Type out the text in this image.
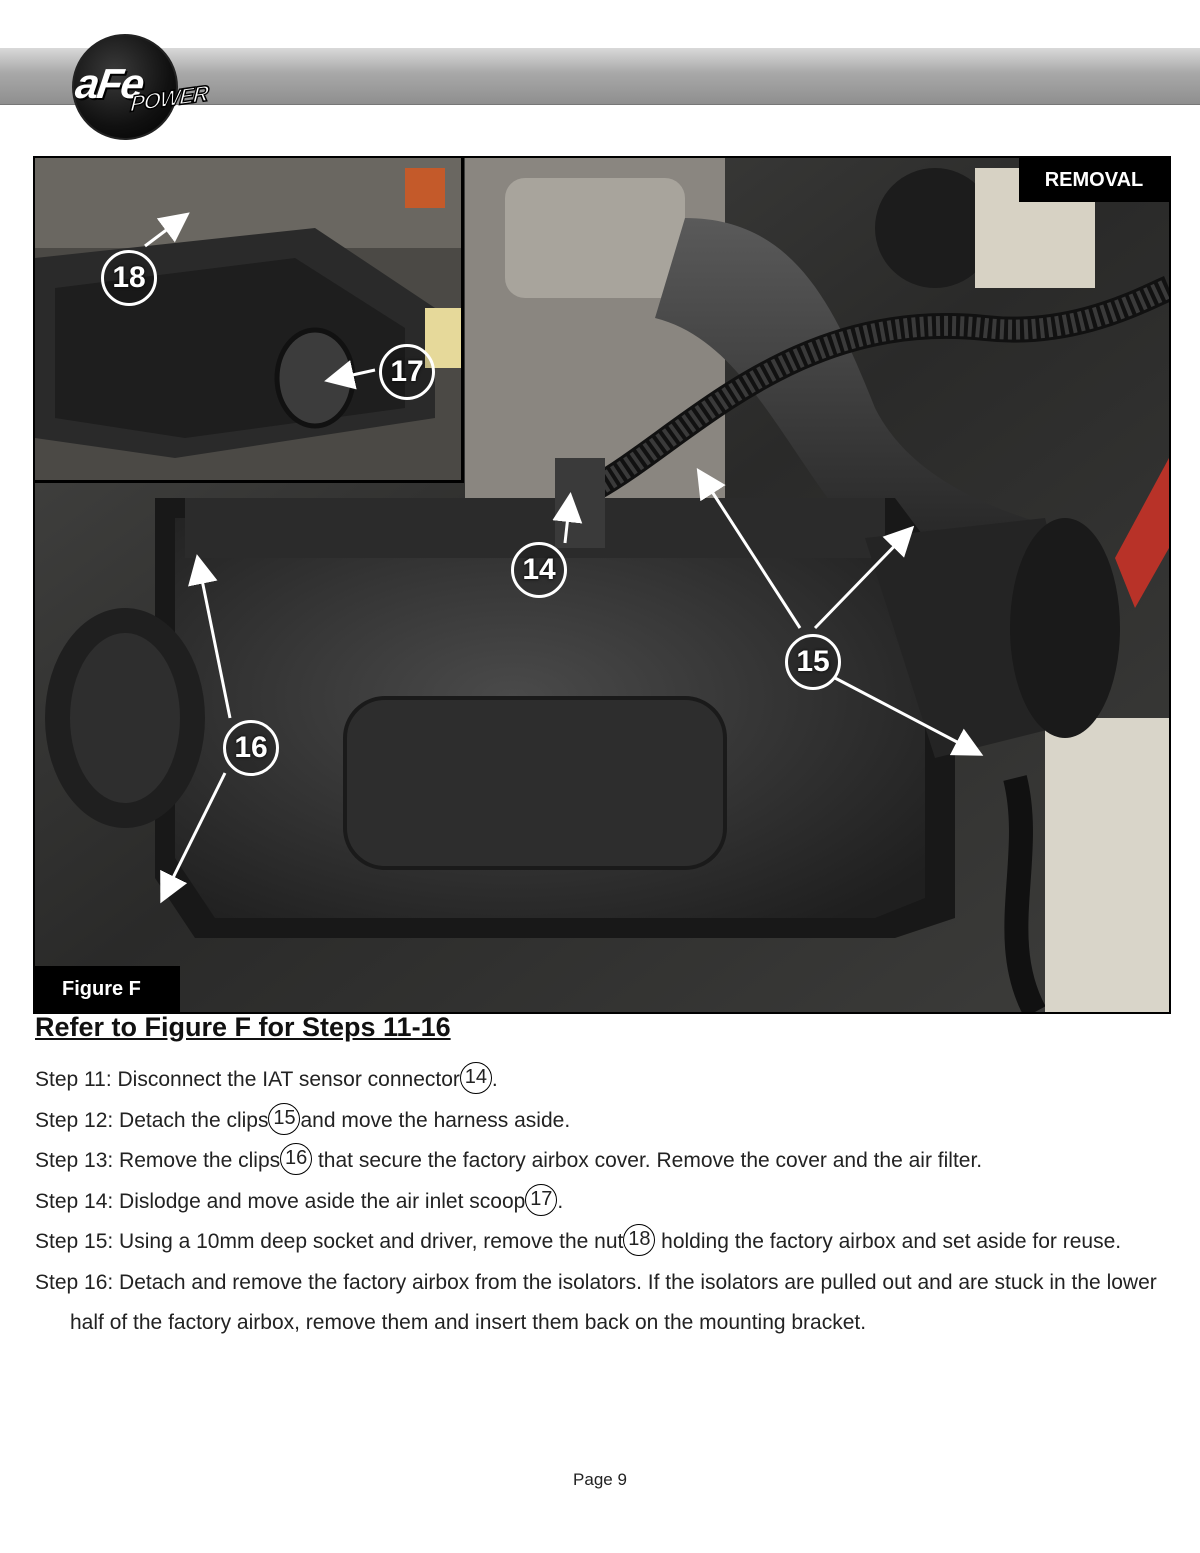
aFe
POWER
18
17
14
15
16
REMOVAL
Figure F
Refer to Figure F for Steps 11-16
Step 11: Disconnect the IAT sensor connector 14 .
Step 12: Detach the clips 15 and move the harness aside.
Step 13: Remove the clips 16 that secure the factory airbox cover. Remove the cover and the air filter.
Step 14: Dislodge and move aside the air inlet scoop 17 .
Step 15: Using a 10mm deep socket and driver, remove the nut 18 holding the factory airbox and set aside for reuse.
Step 16: Detach and remove the factory airbox from the isolators. If the isolators are pulled out and are stuck in the lower half of the factory airbox, remove them and insert them back on the mounting bracket.
Page 9
